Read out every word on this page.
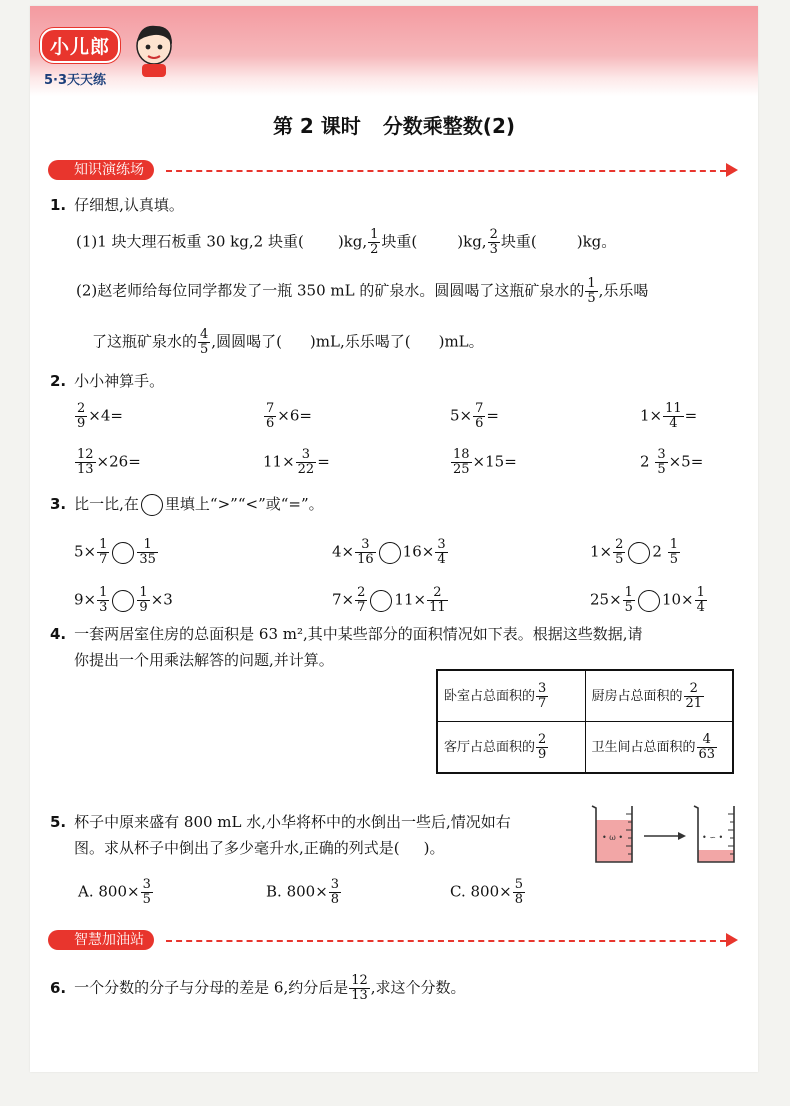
小儿郎
5·3天天练
第 2 课时 分数乘整数(2)
知识演练场
1. 仔细想,认真填。
(1)1 块大理石板重 30 kg,2 块重( )kg, $\frac{1}{2}$ 块重(	)kg, $\frac{2}{3}$ 块重(	)kg。
(2)赵老师给每位同学都发了一瓶 350 mL 的矿泉水。圆圆喝了这瓶矿泉水的 $\frac{1}{5}$ ,乐乐喝
了这瓶矿泉水的 $\frac{4}{5}$ ,圆圆喝了( )mL,乐乐喝了( )mL。
2. 小小神算手。
$\frac{2}{9} \times 4=$	$\frac{7}{6} \times 6=$	$5\times \frac{7}{6}$ =	$1\times \frac{11}{4}$ =
$\frac{12}{13} \times 26=$	$11\times \frac{3}{22}$ =	$\frac{18}{25} \times 15=$	$2 \frac{3}{5} \times 5=$
3. 比一比,在 里填上“>”“<”或“=”。
$5\times \frac{1}{7} \frac{1}{35}$	$4\times \frac{3}{16} 16\times \frac{3}{4}$	$1\times \frac{2}{5} 2 \frac{1}{5}$
$9\times \frac{1}{3} \frac{1}{9} \times 3$	$7\times \frac{2}{7} 11\times \frac{2}{11}$	$25\times \frac{1}{5} 10\times \frac{1}{4}$
4. 一套两居室住房的总面积是 63 m²,其中某些部分的面积情况如下表。根据这些数据,请
你提出一个用乘法解答的问题,并计算。
卧室占总面积的 $\frac{3}{7}$	厨房占总面积的 $\frac{2}{21}$

客厅占总面积的 $\frac{2}{9}$	卫生间占总面积的 $\frac{4}{63}$
5. 杯子中原来盛有 800 mL 水,小华将杯中的水倒出一些后,情况如右
图。求从杯子中倒出了多少毫升水,正确的列式是( )。
• ω •	• ∽ •
A. $800\times \frac{3}{5}$	B. $800\times \frac{3}{8}$	C. $800\times \frac{5}{8}$
智慧加油站
6. 一个分数的分子与分母的差是 6,约分后是 $\frac{12}{13}$ ,求这个分数。
